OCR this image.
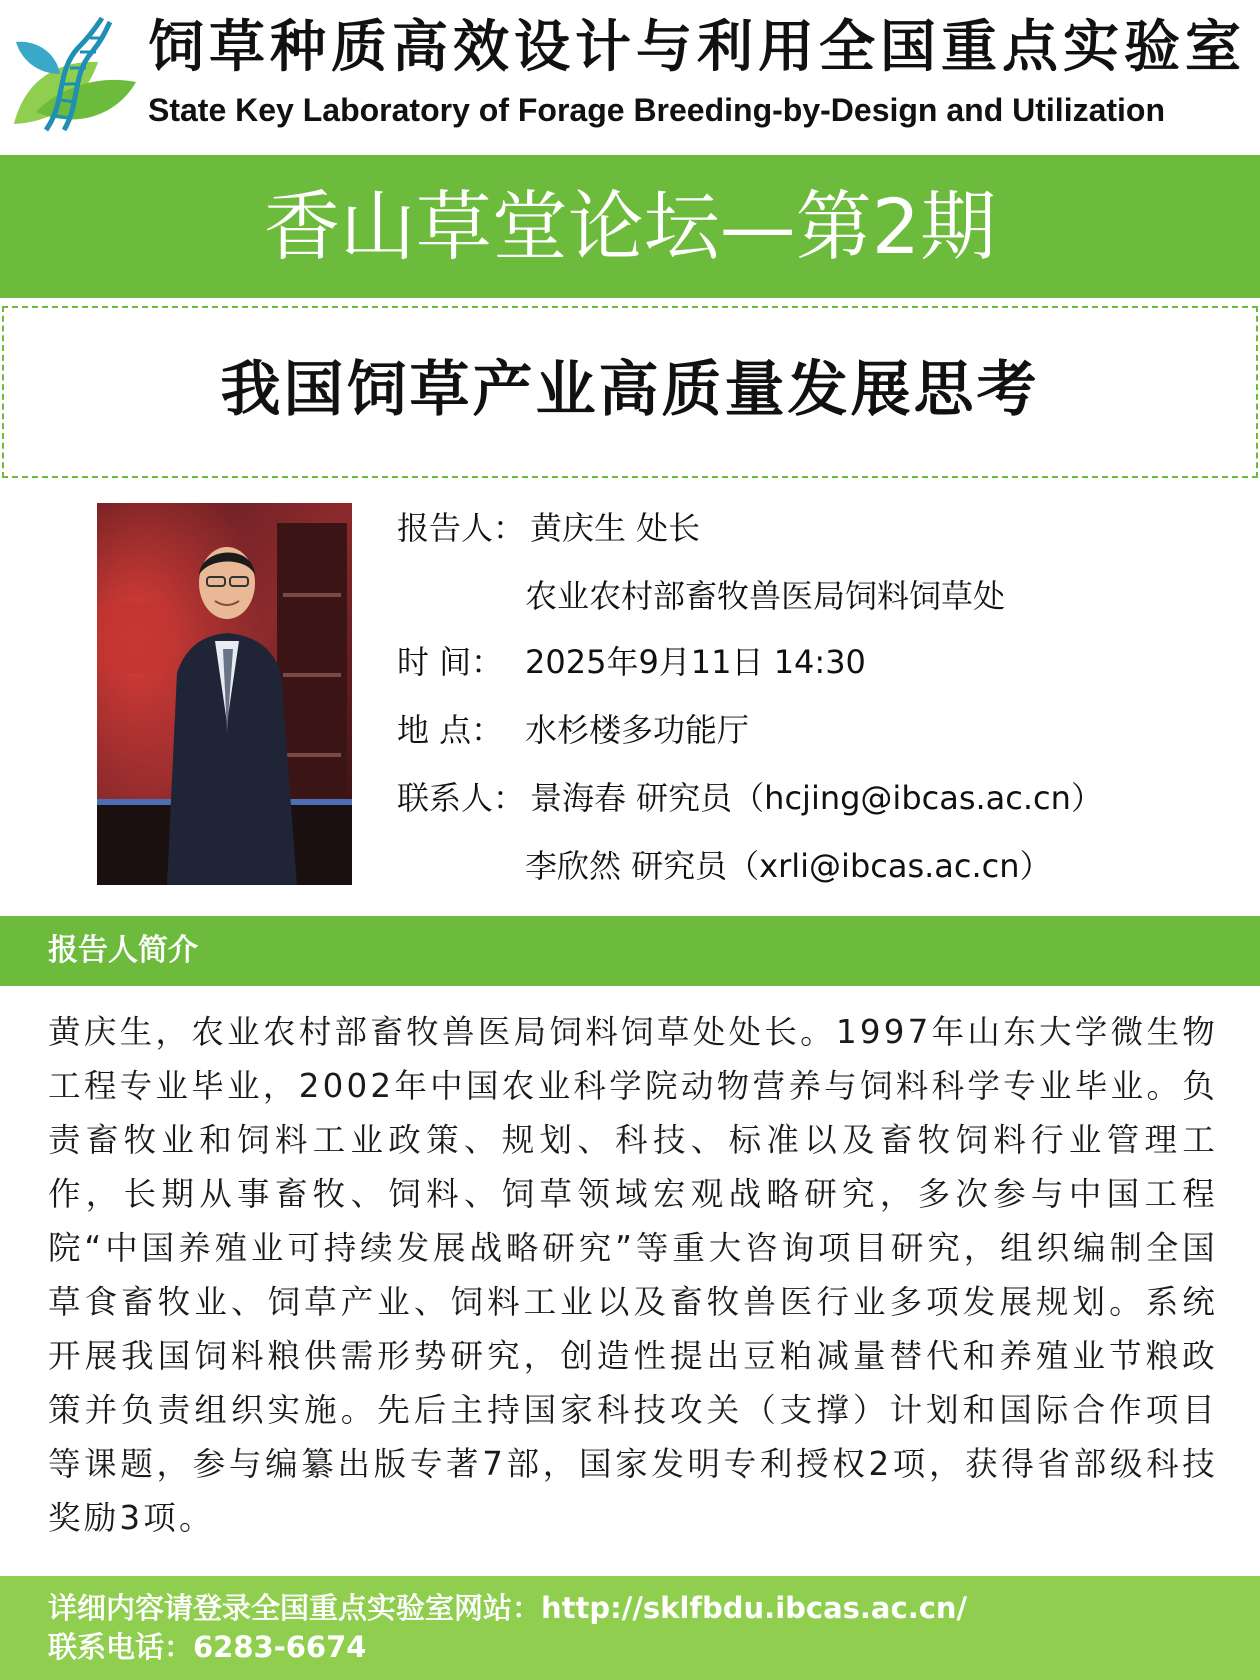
饲草种质高效设计与利用全国重点实验室
State Key Laboratory of Forage Breeding-by-Design and Utilization
香山草堂论坛—第2期
我国饲草产业高质量发展思考
报告人： 黄庆生 处长
农业农村部畜牧兽医局饲料饲草处
时 间： 2025年9月11日 14:30
地 点： 水杉楼多功能厅
联系人： 景海春 研究员（hcjing@ibcas.ac.cn）
李欣然 研究员（xrli@ibcas.ac.cn）
报告人简介
黄庆生，农业农村部畜牧兽医局饲料饲草处处长。1997年山东大学微生物工程专业毕业，2002年中国农业科学院动物营养与饲料科学专业毕业。负责畜牧业和饲料工业政策、规划、科技、标准以及畜牧饲料行业管理工作，长期从事畜牧、饲料、饲草领域宏观战略研究，多次参与中国工程院“中国养殖业可持续发展战略研究”等重大咨询项目研究，组织编制全国草食畜牧业、饲草产业、饲料工业以及畜牧兽医行业多项发展规划。系统开展我国饲料粮供需形势研究，创造性提出豆粕减量替代和养殖业节粮政策并负责组织实施。先后主持国家科技攻关（支撑）计划和国际合作项目等课题，参与编纂出版专著7部，国家发明专利授权2项，获得省部级科技奖励3项。
详细内容请登录全国重点实验室网站：http://sklfbdu.ibcas.ac.cn/
联系电话：6283-6674
